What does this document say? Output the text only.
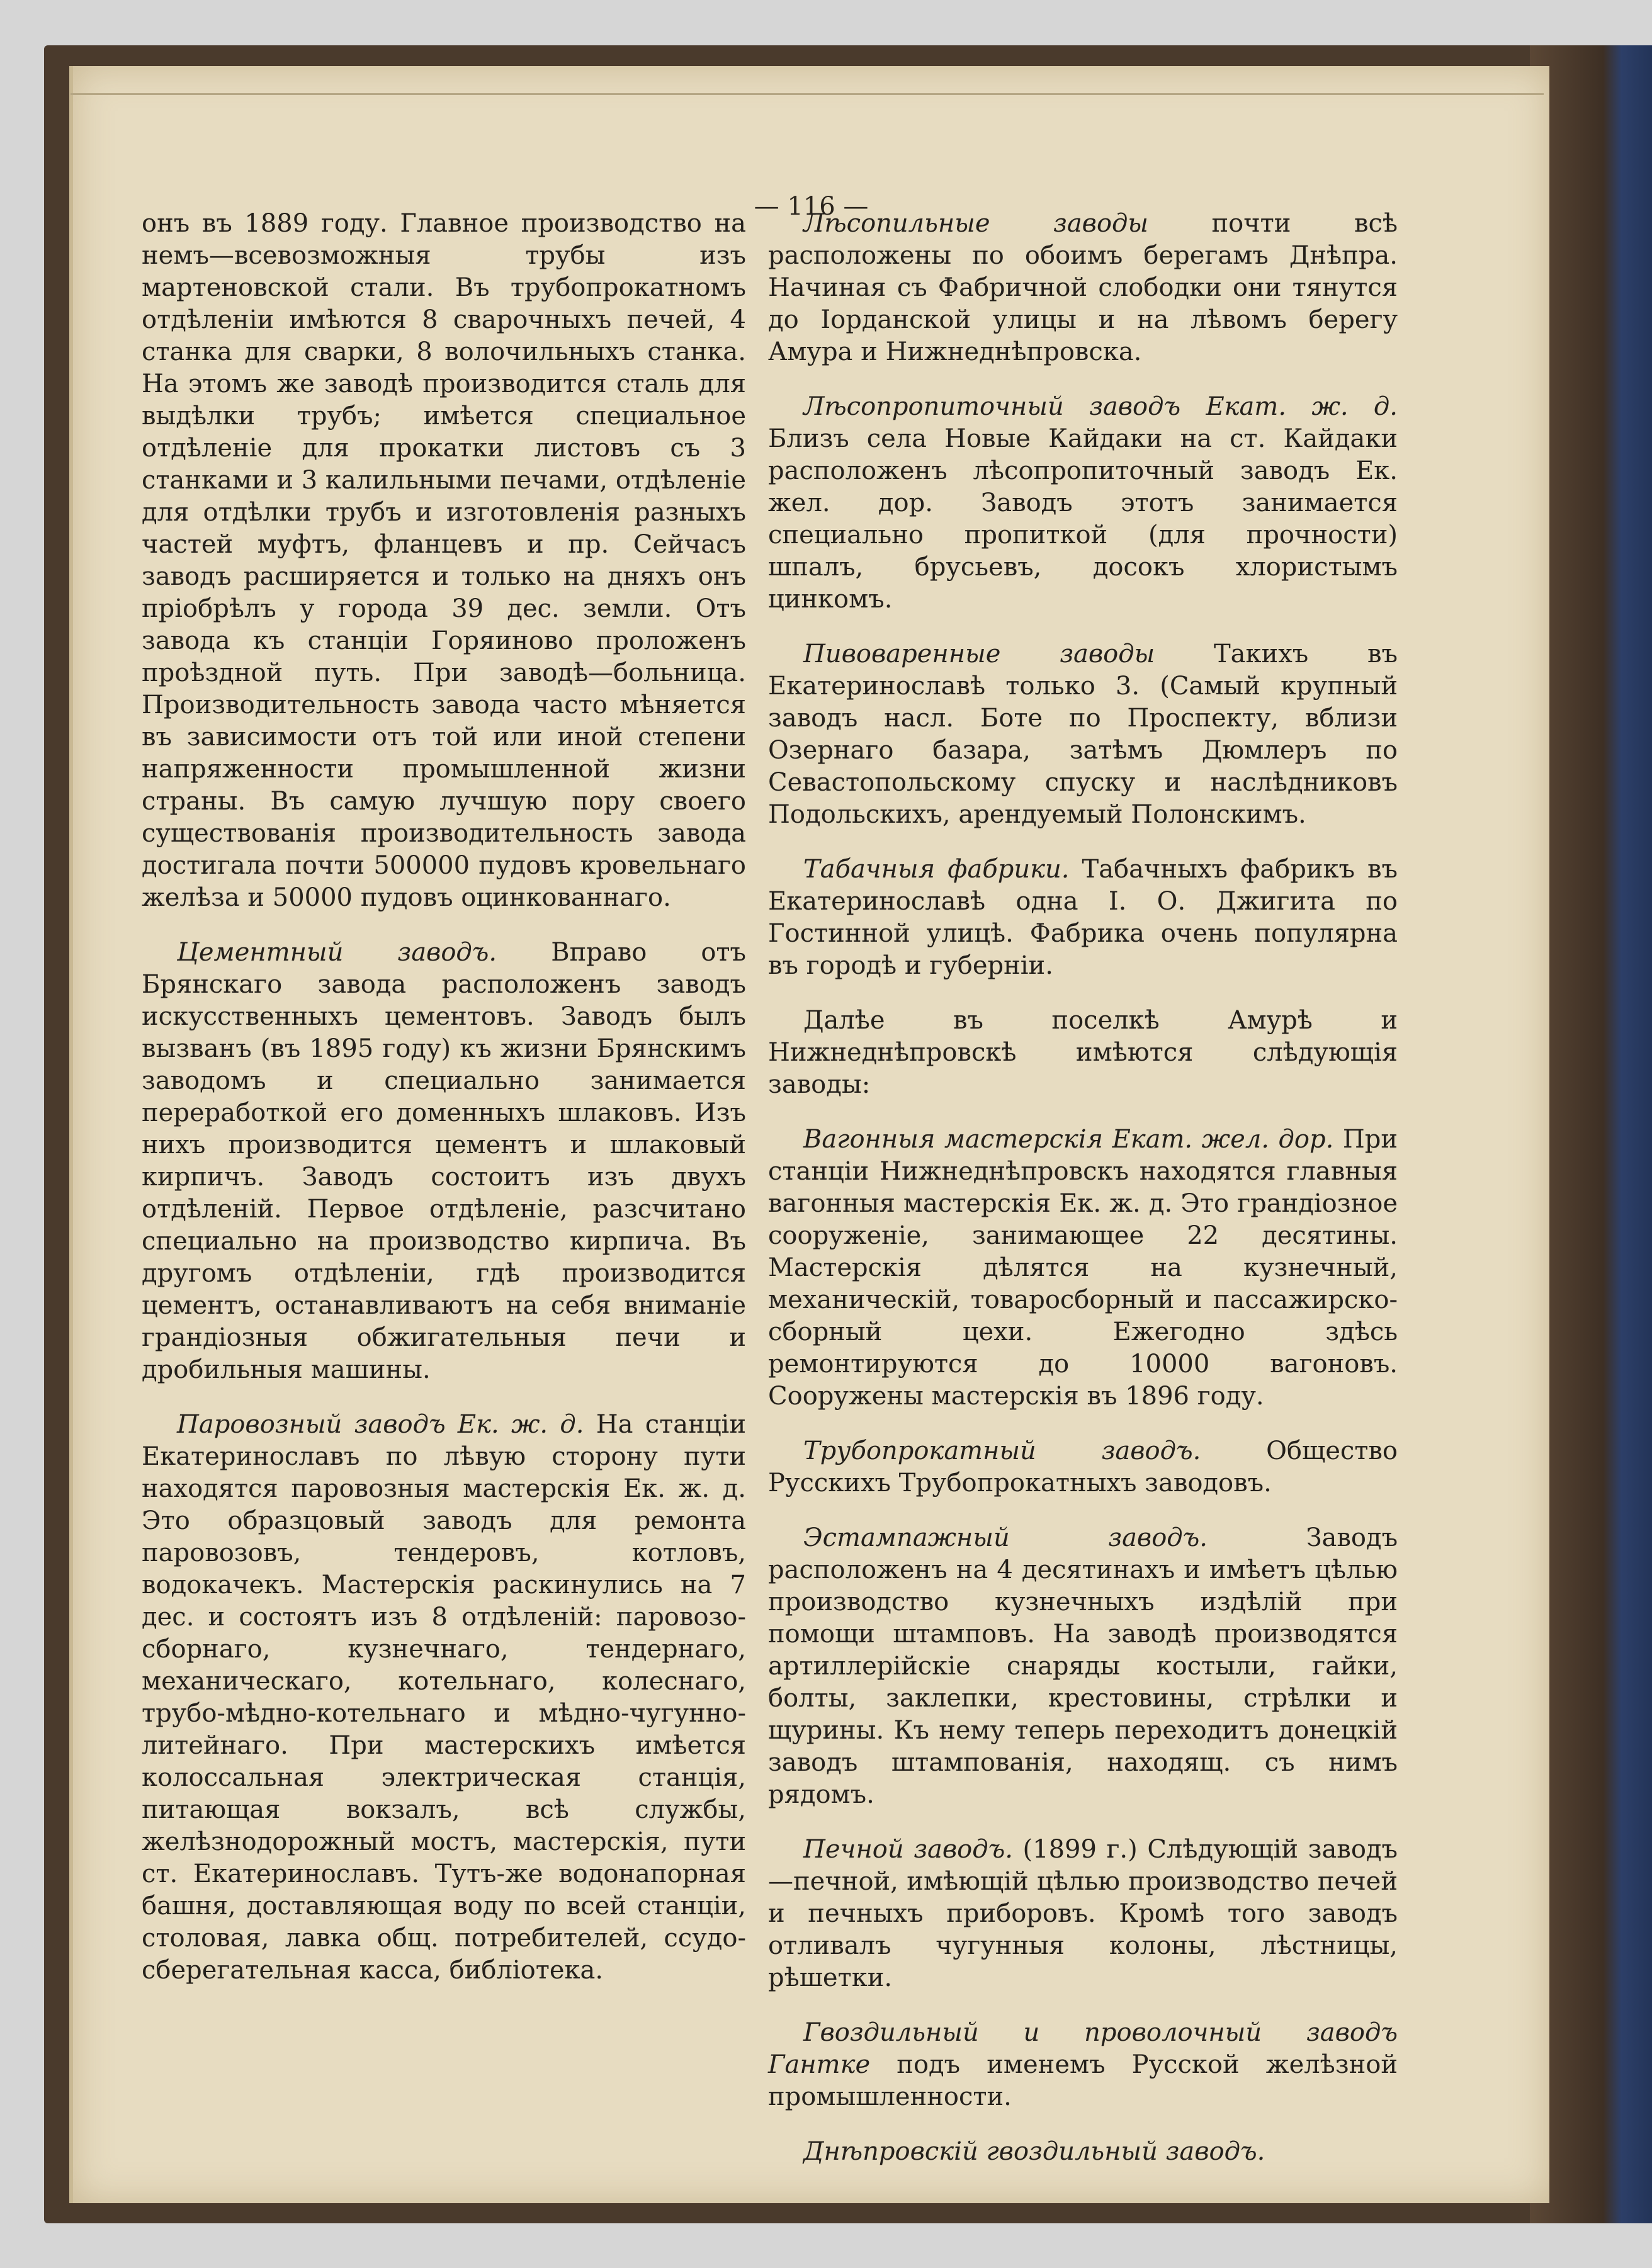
— 116 —

онъ въ 1889 году. Главное производство на немъ—всевозможныя трубы изъ мартеновской стали. Въ трубопрокатномъ отдѣленіи имѣются 8 сварочныхъ печей, 4 станка для сварки, 8 волочильныхъ станка. На этомъ же заводѣ производится сталь для выдѣлки трубъ; имѣется специальное отдѣленіе для прокатки листовъ съ 3 станками и 3 калильными печами, отдѣленіе для отдѣлки трубъ и изготовленія разныхъ частей муфтъ, фланцевъ и пр. Сейчасъ заводъ расширяется и только на дняхъ онъ пріобрѣлъ у города 39 дес. земли. Отъ завода къ станціи Горяиново проложенъ проѣздной путь. При заводѣ—больница. Производительность завода часто мѣняется въ зависимости отъ той или иной степени напряженности промышленной жизни страны. Въ самую лучшую пору своего существованія производительность завода достигала почти 500000 пудовъ кровельнаго желѣза и 50000 пудовъ оцинкованнаго.

Цементный заводъ. Вправо отъ Брянскаго завода расположенъ заводъ искусственныхъ цементовъ. Заводъ былъ вызванъ (въ 1895 году) къ жизни Брянскимъ заводомъ и специально занимается переработкой его доменныхъ шлаковъ. Изъ нихъ производится цементъ и шлаковый кирпичъ. Заводъ состоитъ изъ двухъ отдѣленій. Первое отдѣленіе, разсчитано специально на производство кирпича. Въ другомъ отдѣленіи, гдѣ производится цементъ, останавливаютъ на себя вниманіе грандіозныя обжигательныя печи и дробильныя машины.

Паровозный заводъ Ек. ж. д. На станціи Екатеринославъ по лѣвую сторону пути находятся паровозныя мастерскія Ек. ж. д. Это образцовый заводъ для ремонта паровозовъ, тендеровъ, котловъ, водокачекъ. Мастерскія раскинулись на 7 дес. и состоятъ изъ 8 отдѣленій: паровозо-сборнаго, кузнечнаго, тендернаго, механическаго, котельнаго, колеснаго, трубо-мѣдно-котельнаго и мѣдно-чугунно-литейнаго. При мастерскихъ имѣется колоссальная электрическая станція, питающая вокзалъ, всѣ службы, желѣзнодорожный мостъ, мастерскія, пути ст. Екатеринославъ. Тутъ-же водонапорная башня, доставляющая воду по всей станціи, столовая, лавка общ. потребителей, ссудо-сберегательная касса, библіотека.

Лѣсопильные заводы	почти всѣ расположены по обоимъ берегамъ Днѣпра. Начиная съ Фабричной слободки они тянутся до Іорданской улицы и на лѣвомъ берегу Амура и Нижнеднѣпровска.

Лѣсопропиточный заводъ Екат. ж. д. Близъ села Новые Кайдаки на ст. Кайдаки расположенъ лѣсопропиточный заводъ Ек. жел. дор. Заводъ этотъ занимается специально пропиткой (для прочности) шпалъ, брусьевъ, досокъ хлористымъ цинкомъ.

Пивоваренные заводы Такихъ въ Екатеринославѣ только 3. (Самый крупный заводъ насл. Боте по Проспекту, вблизи Озернаго базара, затѣмъ Дюмлеръ по Севастопольскому спуску и наслѣдниковъ Подольскихъ, арендуемый Полонскимъ.

Табачныя фабрики. Табачныхъ фабрикъ въ Екатеринославѣ одна I. О. Джигита по Гостинной улицѣ. Фабрика очень популярна въ городѣ и губерніи.

Далѣе въ поселкѣ Амурѣ и Нижнеднѣпровскѣ имѣются слѣдующія заводы:

Вагонныя мастерскія Екат. жел. дор. При станціи Нижнеднѣпровскъ находятся главныя вагонныя мастерскія Ек. ж. д. Это грандіозное сооруженіе, занимающее 22 десятины. Мастерскія дѣлятся на кузнечный, механическій, товаросборный и пассажирско-сборный цехи. Ежегодно здѣсь ремонтируются до 10000 вагоновъ. Сооружены мастерскія въ 1896 году.

Трубопрокатный заводъ.	Общество Русскихъ Трубопрокатныхъ заводовъ.

Эстампажный заводъ.	Заводъ расположенъ на 4 десятинахъ и имѣетъ цѣлью производство кузнечныхъ издѣлій при помощи штамповъ. На заводѣ производятся артиллерійскіе снаряды костыли, гайки, болты, заклепки, крестовины, стрѣлки и щурины. Къ нему теперь переходитъ донецкій заводъ штампованія, находящ. съ нимъ рядомъ.

Печной заводъ. (1899 г.) Слѣдующій заводъ—печной, имѣющій цѣлью производство печей и печныхъ приборовъ. Кромѣ того заводъ отливалъ чугунныя колоны, лѣстницы, рѣшетки.

Гвоздильный и проволочный заводъ Гантке подъ именемъ Русской желѣзной промышленности.

Днѣпровскій гвоздильный заводъ.
